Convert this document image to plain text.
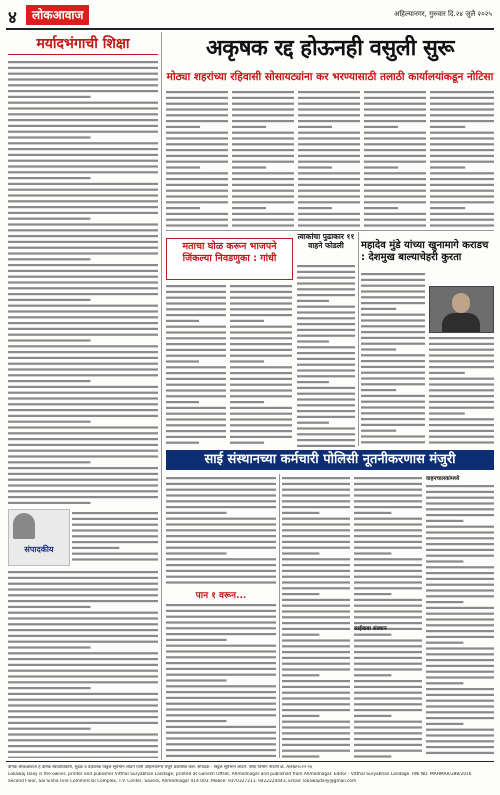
४	लोकआवाज	अहिल्यानगर, गुरुवार दि.२४ जुलै २०२५
मर्यादभंगाची शिक्षा
संपादकीय
अकृषक रद्द होऊनही वसुली सुरू
मोठ्या शहरांच्या रहिवासी सोसायट्यांना कर भरण्यासाठी तलाठी कार्यालयांकडून नोटिसा
मताचा घोळ करून भाजपने जिंकल्या निवडणुका : गांधी
त्वाकांचा पुढाकार ११ वाहने फोडली	महादेव मुंडे यांच्या खुनामागे कराडच : देशमुख बाल्याचेहरी कुरता
साई संस्थानच्या कर्मचारी पोलिसी नूतनीकरणास मंजुरी
पान १ वरून...
वाहनचालकांमध्ये
साईबाबा संस्थान
दैनिक लोकआवाज हे दैनिक स्वत्वाधिकारी, मुद्रक व प्रकाशक विठ्ठल सूर्यभान लांडगे यांनी अहिल्यानगर येथून प्रकाशित केले. संपादक - विठ्ठल सूर्यभान लांडगे. पोस्ट विभाग नोंदणी क्र. AHN/२०२२-२४
Lokawaj Daily is the owner, printer and publisher Vitthal Suryabhan Landage, printed at Ganesh Offset, Ahmednagar and published from Ahmednagar. Editor - Vitthal Suryabhan Landage. RNI NO. MAHMAR/288/2016
Second Floor, Sai Sinha Fine Commercial Complex, T.V. Center, Savedi, Ahmednagar 414 003. Mobile: 9370327211, 9422224443, Email: lokawajdaily@gmail.com
